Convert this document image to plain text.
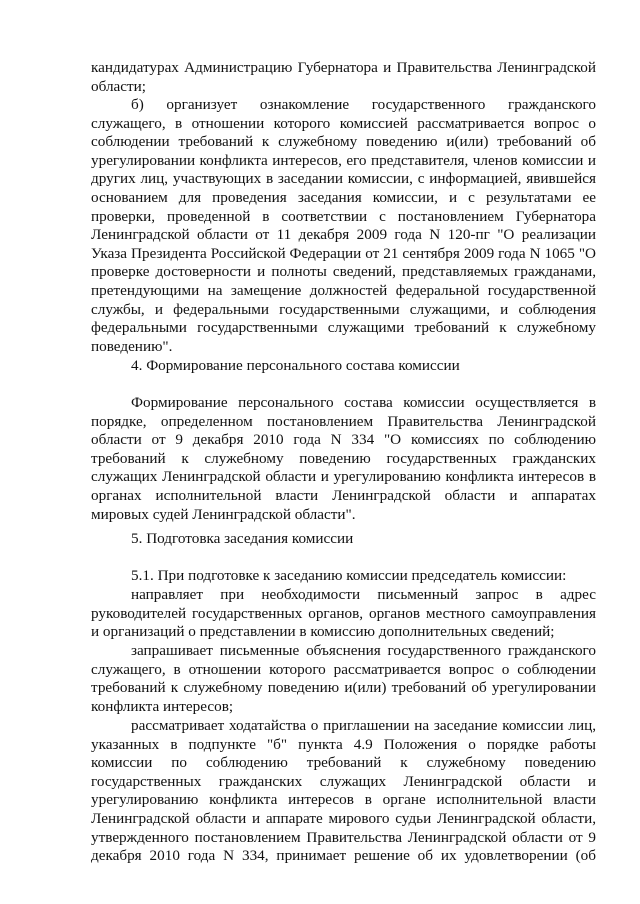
кандидатурах Администрацию Губернатора и Правительства Ленинградской
области;
б) организует ознакомление государственного гражданского
служащего, в отношении которого комиссией рассматривается вопрос о
соблюдении требований к служебному поведению и(или) требований об
урегулировании конфликта интересов, его представителя, членов комиссии и
других лиц, участвующих в заседании комиссии, с информацией, явившейся
основанием для проведения заседания комиссии, и с результатами ее
проверки, проведенной в соответствии с постановлением Губернатора
Ленинградской области от 11 декабря 2009 года N 120-пг "О реализации
Указа Президента Российской Федерации от 21 сентября 2009 года N 1065 "О
проверке достоверности и полноты сведений, представляемых гражданами,
претендующими на замещение должностей федеральной государственной
службы, и федеральными государственными служащими, и соблюдения
федеральными государственными служащими требований к служебному
поведению".

4. Формирование персонального состава комиссии

Формирование персонального состава комиссии осуществляется в
порядке, определенном постановлением Правительства Ленинградской
области от 9 декабря 2010 года N 334 "О комиссиях по соблюдению
требований к служебному поведению государственных гражданских
служащих Ленинградской области и урегулированию конфликта интересов в
органах исполнительной власти Ленинградской области и аппаратах
мировых судей Ленинградской области".

5. Подготовка заседания комиссии

5.1. При подготовке к заседанию комиссии председатель комиссии:

направляет при необходимости письменный запрос в адрес
руководителей государственных органов, органов местного самоуправления
и организаций о представлении в комиссию дополнительных сведений;
запрашивает письменные объяснения государственного гражданского
служащего, в отношении которого рассматривается вопрос о соблюдении
требований к служебному поведению и(или) требований об урегулировании
конфликта интересов;
рассматривает ходатайства о приглашении на заседание комиссии лиц,
указанных в подпункте "б" пункта 4.9 Положения о порядке работы
комиссии по соблюдению требований к служебному поведению
государственных гражданских служащих Ленинградской области и
урегулированию конфликта интересов в органе исполнительной власти
Ленинградской области и аппарате мирового судьи Ленинградской области,
утвержденного постановлением Правительства Ленинградской области от 9
декабря 2010 года N 334, принимает решение об их удовлетворении (об
